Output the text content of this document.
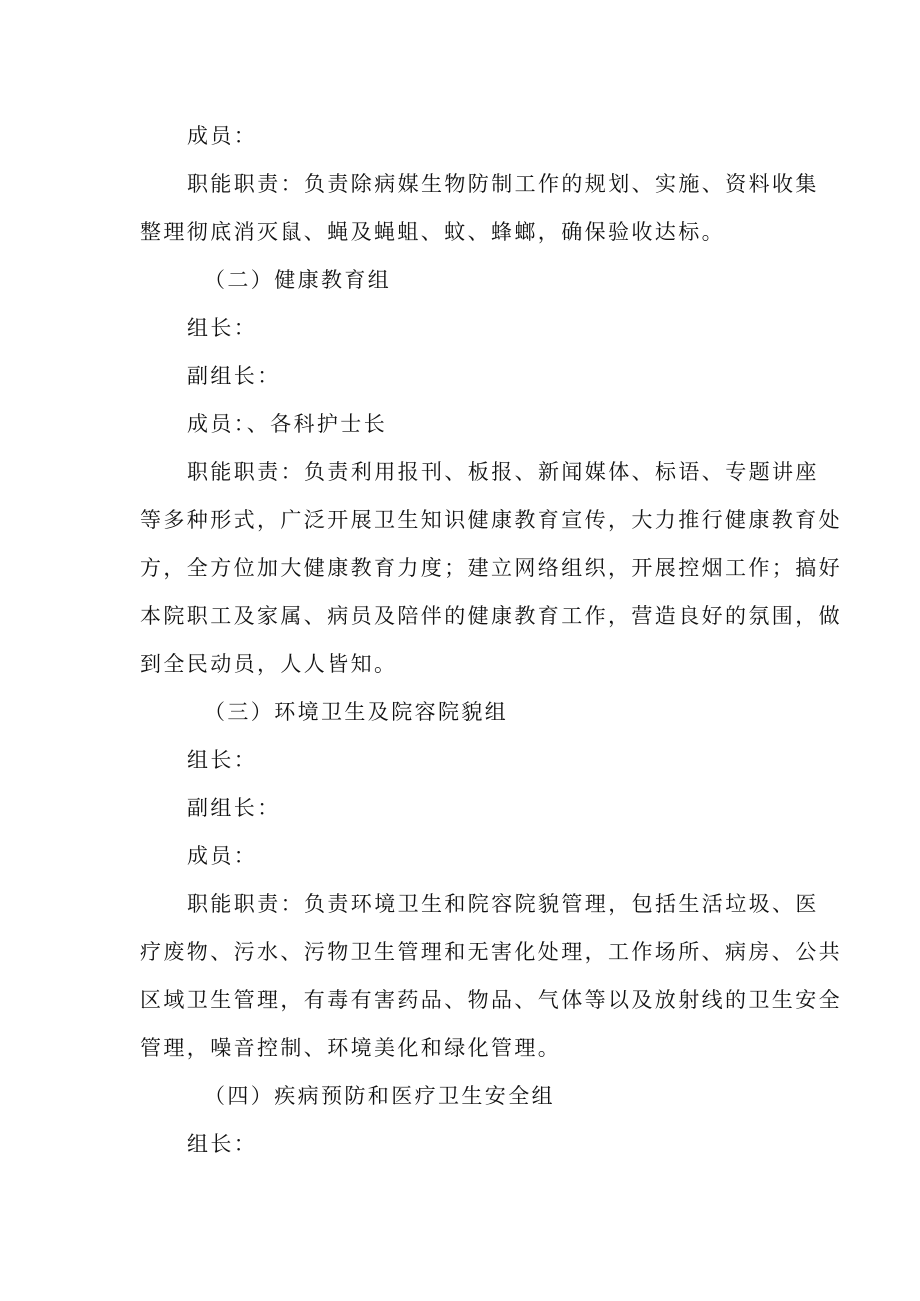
成员：
职能职责：负责除病媒生物防制工作的规划、实施、资料收集
整理彻底消灭鼠、蝇及蝇蛆、蚊、蜂螂，确保验收达标。
（二）健康教育组
组长：
副组长：
成员：、各科护士长
职能职责：负责利用报刊、板报、新闻媒体、标语、专题讲座
等多种形式，广泛开展卫生知识健康教育宣传，大力推行健康教育处
方，全方位加大健康教育力度；建立网络组织，开展控烟工作；搞好
本院职工及家属、病员及陪伴的健康教育工作，营造良好的氛围，做
到全民动员，人人皆知。
（三）环境卫生及院容院貌组
组长：
副组长：
成员：
职能职责：负责环境卫生和院容院貌管理，包括生活垃圾、医
疗废物、污水、污物卫生管理和无害化处理，工作场所、病房、公共
区域卫生管理，有毒有害药品、物品、气体等以及放射线的卫生安全
管理，噪音控制、环境美化和绿化管理。
（四）疾病预防和医疗卫生安全组
组长：
